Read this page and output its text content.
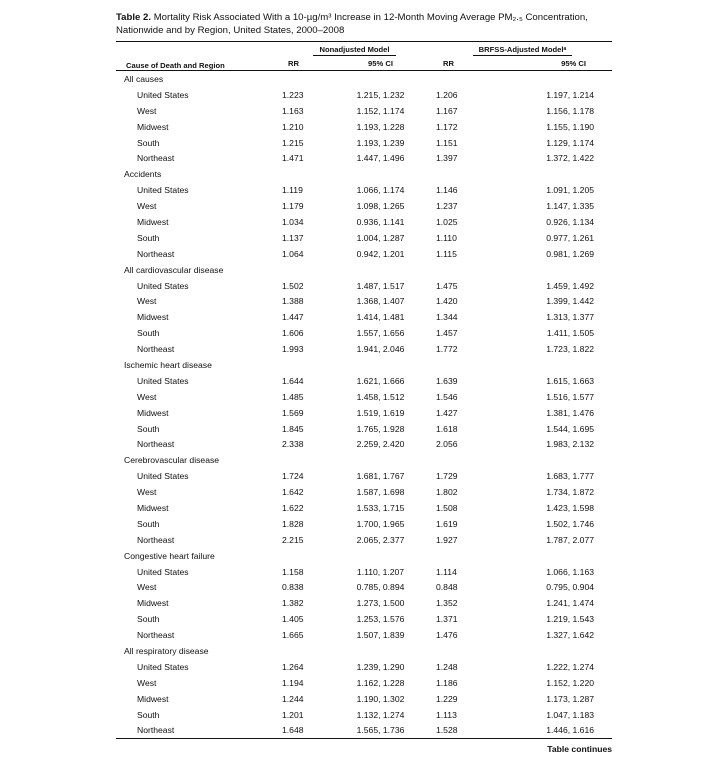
Table 2. Mortality Risk Associated With a 10-µg/m³ Increase in 12-Month Moving Average PM₂.₅ Concentration, Nationwide and by Region, United States, 2000–2008
Cause of Death and Region	Nonadjusted Model		BRFSS-Adjusted Modelᵃ	
	RR	95% CI	RR	95% CI
All causes				
United States	1.223	1.215, 1.232	1.206	1.197, 1.214
West	1.163	1.152, 1.174	1.167	1.156, 1.178
Midwest	1.210	1.193, 1.228	1.172	1.155, 1.190
South	1.215	1.193, 1.239	1.151	1.129, 1.174
Northeast	1.471	1.447, 1.496	1.397	1.372, 1.422
Accidents				
United States	1.119	1.066, 1.174	1.146	1.091, 1.205
West	1.179	1.098, 1.265	1.237	1.147, 1.335
Midwest	1.034	0.936, 1.141	1.025	0.926, 1.134
South	1.137	1.004, 1.287	1.110	0.977, 1.261
Northeast	1.064	0.942, 1.201	1.115	0.981, 1.269
All cardiovascular disease				
United States	1.502	1.487, 1.517	1.475	1.459, 1.492
West	1.388	1.368, 1.407	1.420	1.399, 1.442
Midwest	1.447	1.414, 1.481	1.344	1.313, 1.377
South	1.606	1.557, 1.656	1.457	1.411, 1.505
Northeast	1.993	1.941, 2.046	1.772	1.723, 1.822
Ischemic heart disease				
United States	1.644	1.621, 1.666	1.639	1.615, 1.663
West	1.485	1.458, 1.512	1.546	1.516, 1.577
Midwest	1.569	1.519, 1.619	1.427	1.381, 1.476
South	1.845	1.765, 1.928	1.618	1.544, 1.695
Northeast	2.338	2.259, 2.420	2.056	1.983, 2.132
Cerebrovascular disease				
United States	1.724	1.681, 1.767	1.729	1.683, 1.777
West	1.642	1.587, 1.698	1.802	1.734, 1.872
Midwest	1.622	1.533, 1.715	1.508	1.423, 1.598
South	1.828	1.700, 1.965	1.619	1.502, 1.746
Northeast	2.215	2.065, 2.377	1.927	1.787, 2.077
Congestive heart failure				
United States	1.158	1.110, 1.207	1.114	1.066, 1.163
West	0.838	0.785, 0.894	0.848	0.795, 0.904
Midwest	1.382	1.273, 1.500	1.352	1.241, 1.474
South	1.405	1.253, 1.576	1.371	1.219, 1.543
Northeast	1.665	1.507, 1.839	1.476	1.327, 1.642
All respiratory disease				
United States	1.264	1.239, 1.290	1.248	1.222, 1.274
West	1.194	1.162, 1.228	1.186	1.152, 1.220
Midwest	1.244	1.190, 1.302	1.229	1.173, 1.287
South	1.201	1.132, 1.274	1.113	1.047, 1.183
Northeast	1.648	1.565, 1.736	1.528	1.446, 1.616
Table continues
